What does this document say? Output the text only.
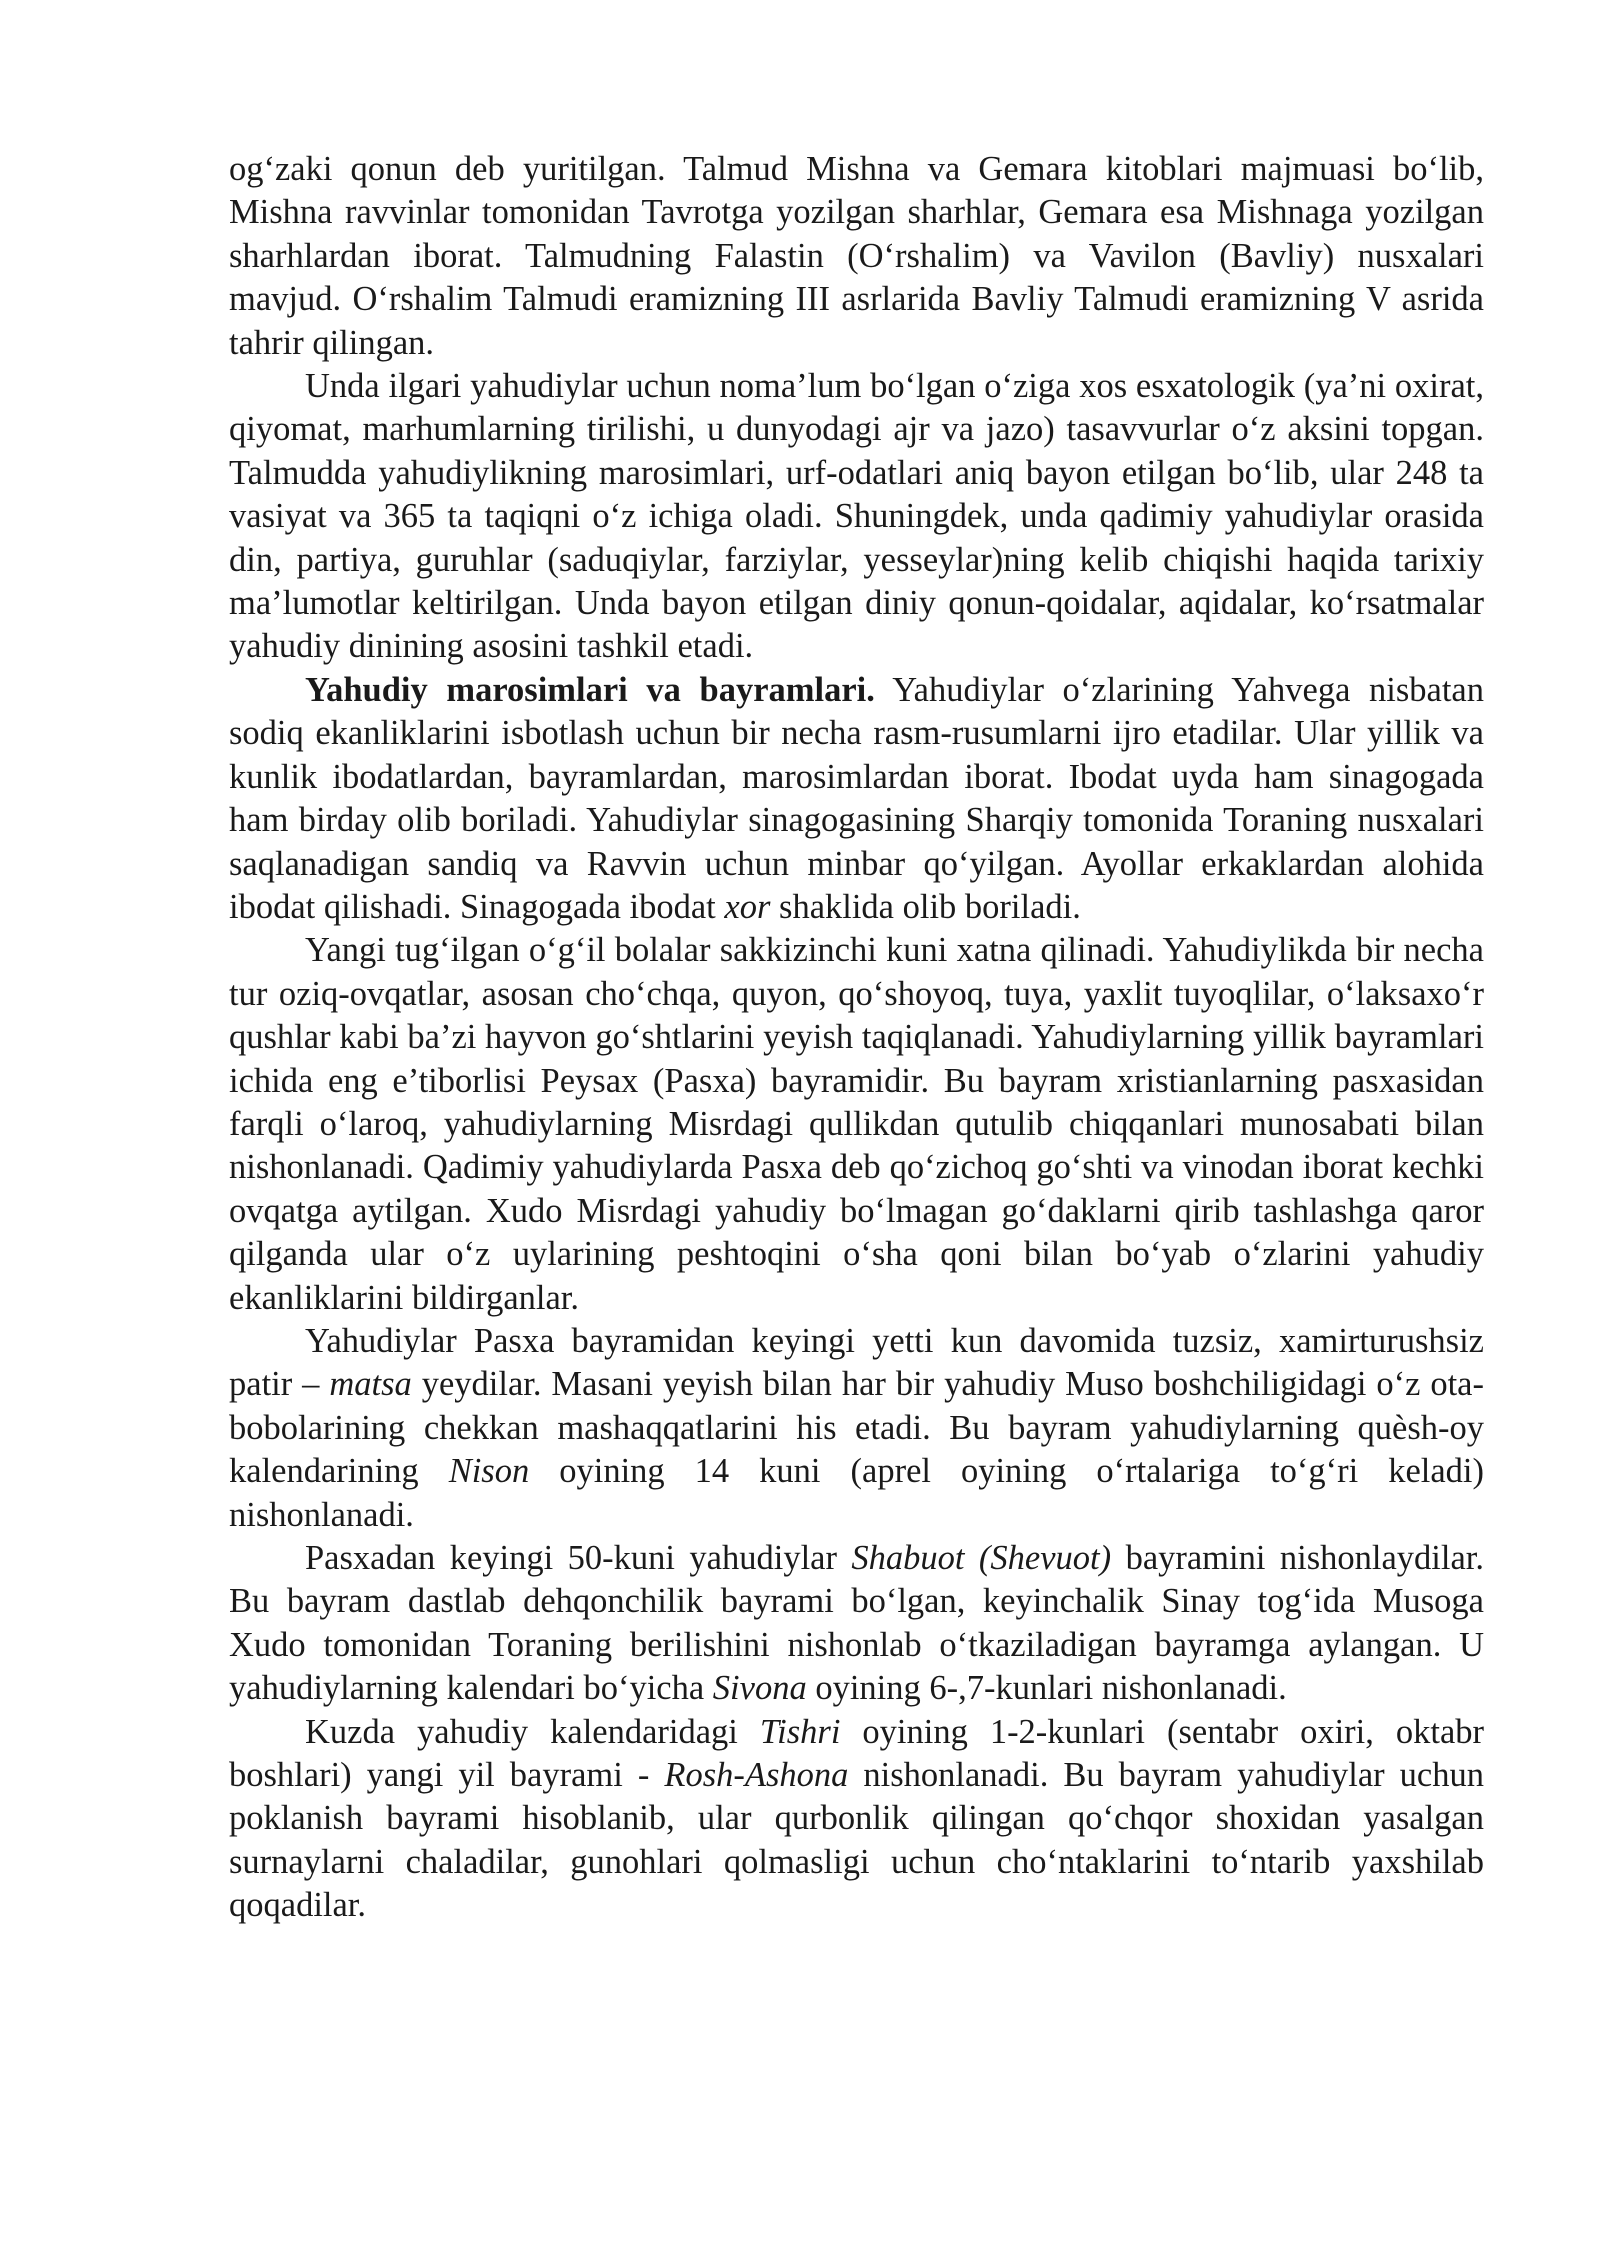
og‘zaki qonun deb yuritilgan. Talmud Mishna va Gemara kitoblari majmuasi bo‘lib, Mishna ravvinlar tomonidan Tavrotga yozilgan sharhlar, Gemara esa Mishnaga yozilgan sharhlardan iborat. Talmudning Falastin (O‘rshalim) va Vavilon (Bavliy) nusxalari mavjud. O‘rshalim Talmudi eramizning III asrlarida Bavliy Talmudi eramizning V asrida tahrir qilingan.

Unda ilgari yahudiylar uchun noma’lum bo‘lgan o‘ziga xos esxatologik (ya’ni oxirat, qiyomat, marhumlarning tirilishi, u dunyodagi ajr va jazo) tasavvurlar o‘z aksini topgan. Talmudda yahudiylikning marosimlari, urf-odatlari aniq bayon etilgan bo‘lib, ular 248 ta vasiyat va 365 ta taqiqni o‘z ichiga oladi. Shuningdek, unda qadimiy yahudiylar orasida din, partiya, guruhlar (saduqiylar, farziylar, yesseylar)ning kelib chiqishi haqida tarixiy ma’lumotlar keltirilgan. Unda bayon etilgan diniy qonun-qoidalar, aqidalar, ko‘rsatmalar yahudiy dinining asosini tashkil etadi.

Yahudiy marosimlari va bayramlari. Yahudiylar o‘zlarining Yahvega nisbatan sodiq ekanliklarini isbotlash uchun bir necha rasm-rusumlarni ijro etadilar. Ular yillik va kunlik ibodatlardan, bayramlardan, marosimlardan iborat. Ibodat uyda ham sinagogada ham birday olib boriladi. Yahudiylar sinagogasining Sharqiy tomonida Toraning nusxalari saqlanadigan sandiq va Ravvin uchun minbar qo‘yilgan. Ayollar erkaklardan alohida ibodat qilishadi. Sinagogada ibodat xor shaklida olib boriladi.

Yangi tug‘ilgan o‘g‘il bolalar sakkizinchi kuni xatna qilinadi. Yahudiylikda bir necha tur oziq-ovqatlar, asosan cho‘chqa, quyon, qo‘shoyoq, tuya, yaxlit tuyoqlilar, o‘laksaxo‘r qushlar kabi ba’zi hayvon go‘shtlarini yeyish taqiqlanadi. Yahudiylarning yillik bayramlari ichida eng e’tiborlisi Peysax (Pasxa) bayramidir. Bu bayram xristianlarning pasxasidan farqli o‘laroq, yahudiylarning Misrdagi qullikdan qutulib chiqqanlari munosabati bilan nishonlanadi. Qadimiy yahudiylarda Pasxa deb qo‘zichoq go‘shti va vinodan iborat kechki ovqatga aytilgan. Xudo Misrdagi yahudiy bo‘lmagan go‘daklarni qirib tashlashga qaror qilganda ular o‘z uylarining peshtoqini o‘sha qoni bilan bo‘yab o‘zlarini yahudiy ekanliklarini bildirganlar.

Yahudiylar Pasxa bayramidan keyingi yetti kun davomida tuzsiz, xamirturushsiz patir – matsa yeydilar. Masani yeyish bilan har bir yahudiy Muso boshchiligidagi o‘z ota-bobolarining chekkan mashaqqatlarini his etadi. Bu bayram yahudiylarning quèsh-oy kalendarining Nison oyining 14 kuni (aprel oyining o‘rtalariga to‘g‘ri keladi) nishonlanadi.

Pasxadan keyingi 50-kuni yahudiylar Shabuot (Shevuot) bayramini nishonlaydilar. Bu bayram dastlab dehqonchilik bayrami bo‘lgan, keyinchalik Sinay tog‘ida Musoga Xudo tomonidan Toraning berilishini nishonlab o‘tkaziladigan bayramga aylangan. U yahudiylarning kalendari bo‘yicha Sivona oyining 6-,7-kunlari nishonlanadi.

Kuzda yahudiy kalendaridagi Tishri oyining 1-2-kunlari (sentabr oxiri, oktabr boshlari) yangi yil bayrami - Rosh-Ashona nishonlanadi. Bu bayram yahudiylar uchun poklanish bayrami hisoblanib, ular qurbonlik qilingan qo‘chqor shoxidan yasalgan surnaylarni chaladilar, gunohlari qolmasligi uchun cho‘ntaklarini to‘ntarib yaxshilab qoqadilar.
